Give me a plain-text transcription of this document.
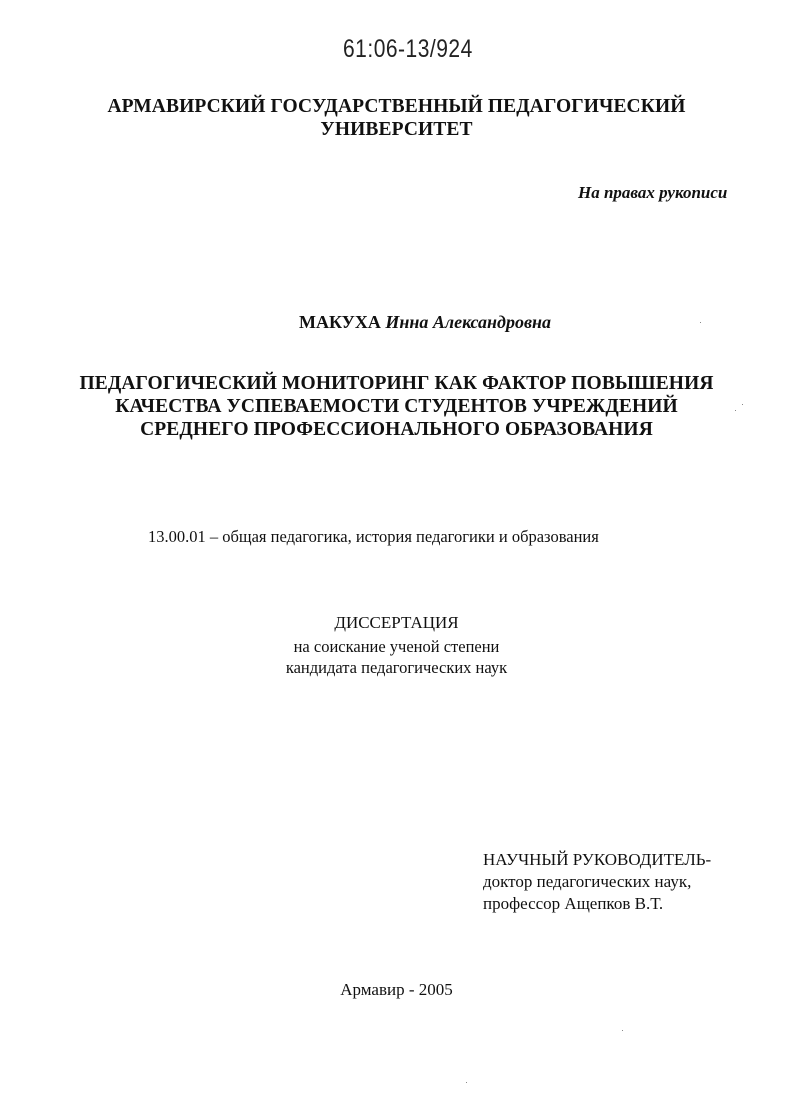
61:06-13/924
АРМАВИРСКИЙ ГОСУДАРСТВЕННЫЙ ПЕДАГОГИЧЕСКИЙ
УНИВЕРСИТЕТ
На правах рукописи
МАКУХА Инна Александровна
ПЕДАГОГИЧЕСКИЙ МОНИТОРИНГ КАК ФАКТОР ПОВЫШЕНИЯ
КАЧЕСТВА УСПЕВАЕМОСТИ СТУДЕНТОВ УЧРЕЖДЕНИЙ
СРЕДНЕГО ПРОФЕССИОНАЛЬНОГО ОБРАЗОВАНИЯ
13.00.01 – общая педагогика, история педагогики и образования
ДИССЕРТАЦИЯ
на соискание ученой степени
кандидата педагогических наук
НАУЧНЫЙ РУКОВОДИТЕЛЬ-
доктор педагогических наук,
профессор Ащепков В.Т.
Армавир - 2005
